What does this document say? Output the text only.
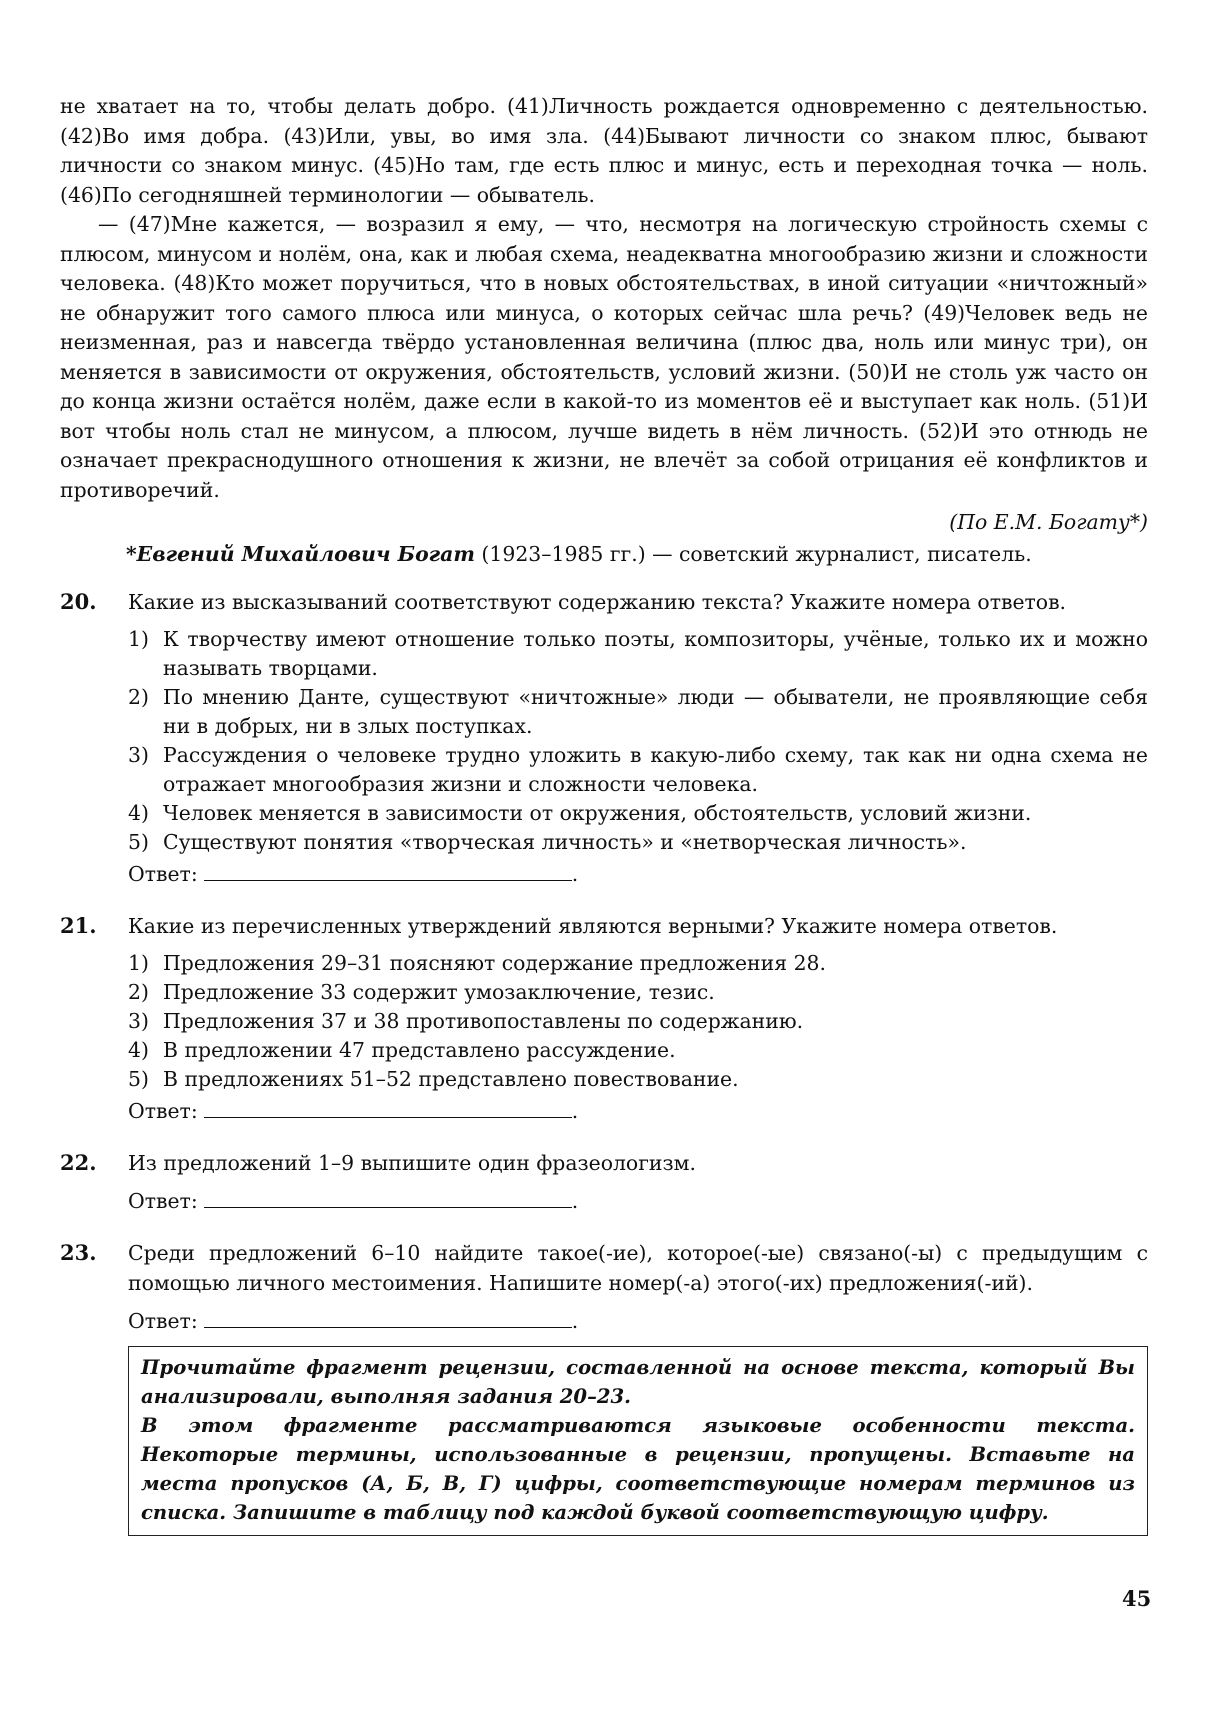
не хватает на то, чтобы делать добро. (41)Личность рождается одновременно с деятельностью. (42)Во имя добра. (43)Или, увы, во имя зла. (44)Бывают личности со знаком плюс, бывают личности со знаком минус. (45)Но там, где есть плюс и минус, есть и переходная точка — ноль. (46)По сегодняшней терминологии — обыватель.

— (47)Мне кажется, — возразил я ему, — что, несмотря на логическую стройность схемы с плюсом, минусом и нолём, она, как и любая схема, неадекватна многообразию жизни и сложности человека. (48)Кто может поручиться, что в новых обстоятельствах, в иной ситуации «ничтожный» не обнаружит того самого плюса или минуса, о которых сейчас шла речь? (49)Человек ведь не неизменная, раз и навсегда твёрдо установленная величина (плюс два, ноль или минус три), он меняется в зависимости от окружения, обстоятельств, условий жизни. (50)И не столь уж часто он до конца жизни остаётся нолём, даже если в какой-то из моментов её и выступает как ноль. (51)И вот чтобы ноль стал не минусом, а плюсом, лучше видеть в нём личность. (52)И это отнюдь не означает прекраснодушного отношения к жизни, не влечёт за собой отрицания её конфликтов и противоречий.

(По Е.М. Богату*)

*Евгений Михайлович Богат (1923–1985 гг.) — советский журналист, писатель.

20. Какие из высказываний соответствуют содержанию текста? Укажите номера ответов.

1) К творчеству имеют отношение только поэты, композиторы, учёные, только их и можно называть творцами.
2) По мнению Данте, существуют «ничтожные» люди — обыватели, не проявляющие себя ни в добрых, ни в злых поступках.
3) Рассуждения о человеке трудно уложить в какую-либо схему, так как ни одна схема не отражает многообразия жизни и сложности человека.
4) Человек меняется в зависимости от окружения, обстоятельств, условий жизни.
5) Существуют понятия «творческая личность» и «нетворческая личность».
Ответ:	.
21. Какие из перечисленных утверждений являются верными? Укажите номера ответов.

1) Предложения 29–31 поясняют содержание предложения 28.
2) Предложение 33 содержит умозаключение, тезис.
3) Предложения 37 и 38 противопоставлены по содержанию.
4) В предложении 47 представлено рассуждение.
5) В предложениях 51–52 представлено повествование.
Ответ:	.
22. Из предложений 1–9 выпишите один фразеологизм.

Ответ:	.
23. Среди предложений 6–10 найдите такое(-ие), которое(-ые) связано(-ы) с предыдущим с помощью личного местоимения. Напишите номер(-а) этого(-их) предложения(-ий).

Ответ:	.

Прочитайте фрагмент рецензии, составленной на основе текста, который Вы анализировали, выполняя задания 20–23.

В этом фрагменте рассматриваются языковые особенности текста. Некоторые термины, использованные в рецензии, пропущены. Вставьте на места пропусков (А, Б, В, Г) цифры, соответствующие номерам терминов из списка. Запишите в таблицу под каждой буквой соответствующую цифру.

45
